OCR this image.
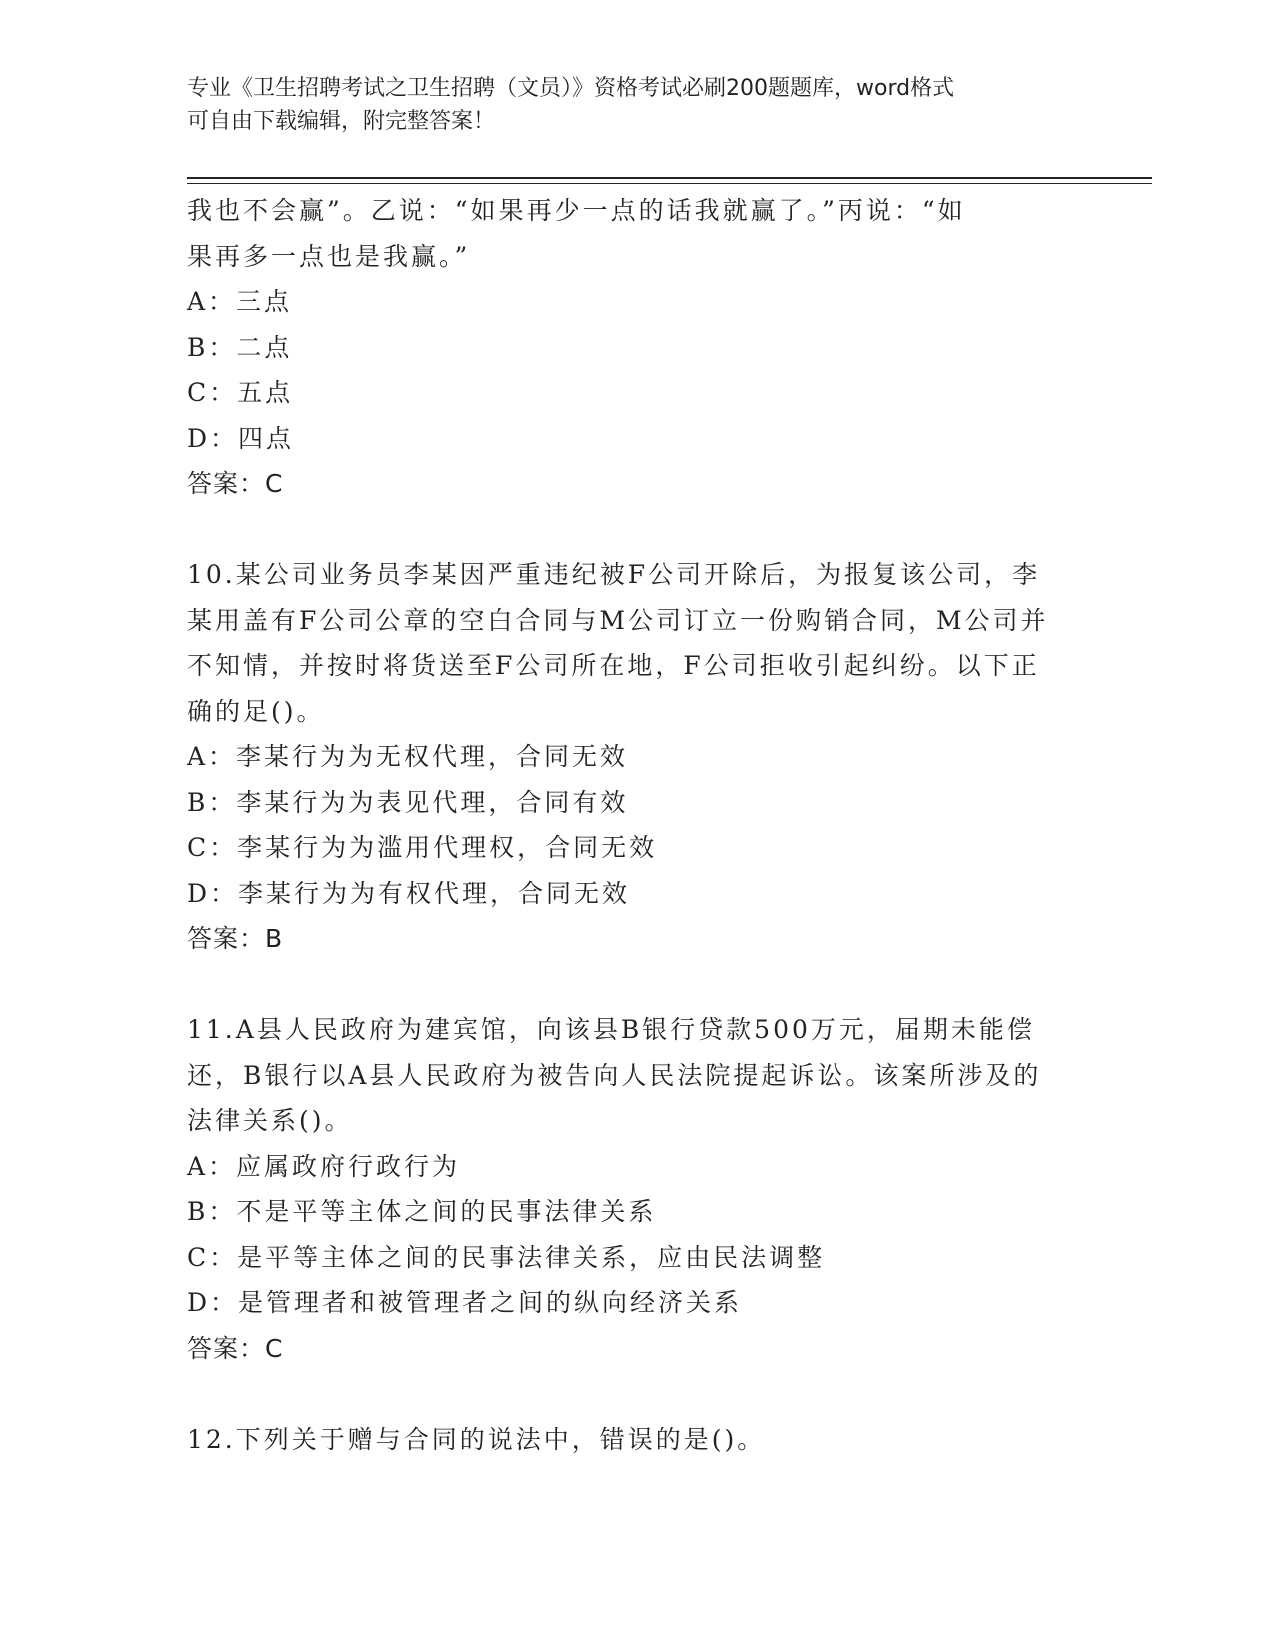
专业《卫生招聘考试之卫生招聘（文员）》资格考试必刷200题题库，word格式
可自由下载编辑，附完整答案！
我也不会赢”。乙说：“如果再少一点的话我就赢了。”丙说：“如
果再多一点也是我赢。”
A：三点
B：二点
C：五点
D：四点
答案：C
10.某公司业务员李某因严重违纪被F公司开除后，为报复该公司，李
某用盖有F公司公章的空白合同与M公司订立一份购销合同，M公司并
不知情，并按时将货送至F公司所在地，F公司拒收引起纠纷。以下正
确的足()。
A：李某行为为无权代理，合同无效
B：李某行为为表见代理，合同有效
C：李某行为为滥用代理权，合同无效
D：李某行为为有权代理，合同无效
答案：B
11.A县人民政府为建宾馆，向该县B银行贷款500万元，届期未能偿
还，B银行以A县人民政府为被告向人民法院提起诉讼。该案所涉及的
法律关系()。
A：应属政府行政行为
B：不是平等主体之间的民事法律关系
C：是平等主体之间的民事法律关系，应由民法调整
D：是管理者和被管理者之间的纵向经济关系
答案：C
12.下列关于赠与合同的说法中，错误的是()。
